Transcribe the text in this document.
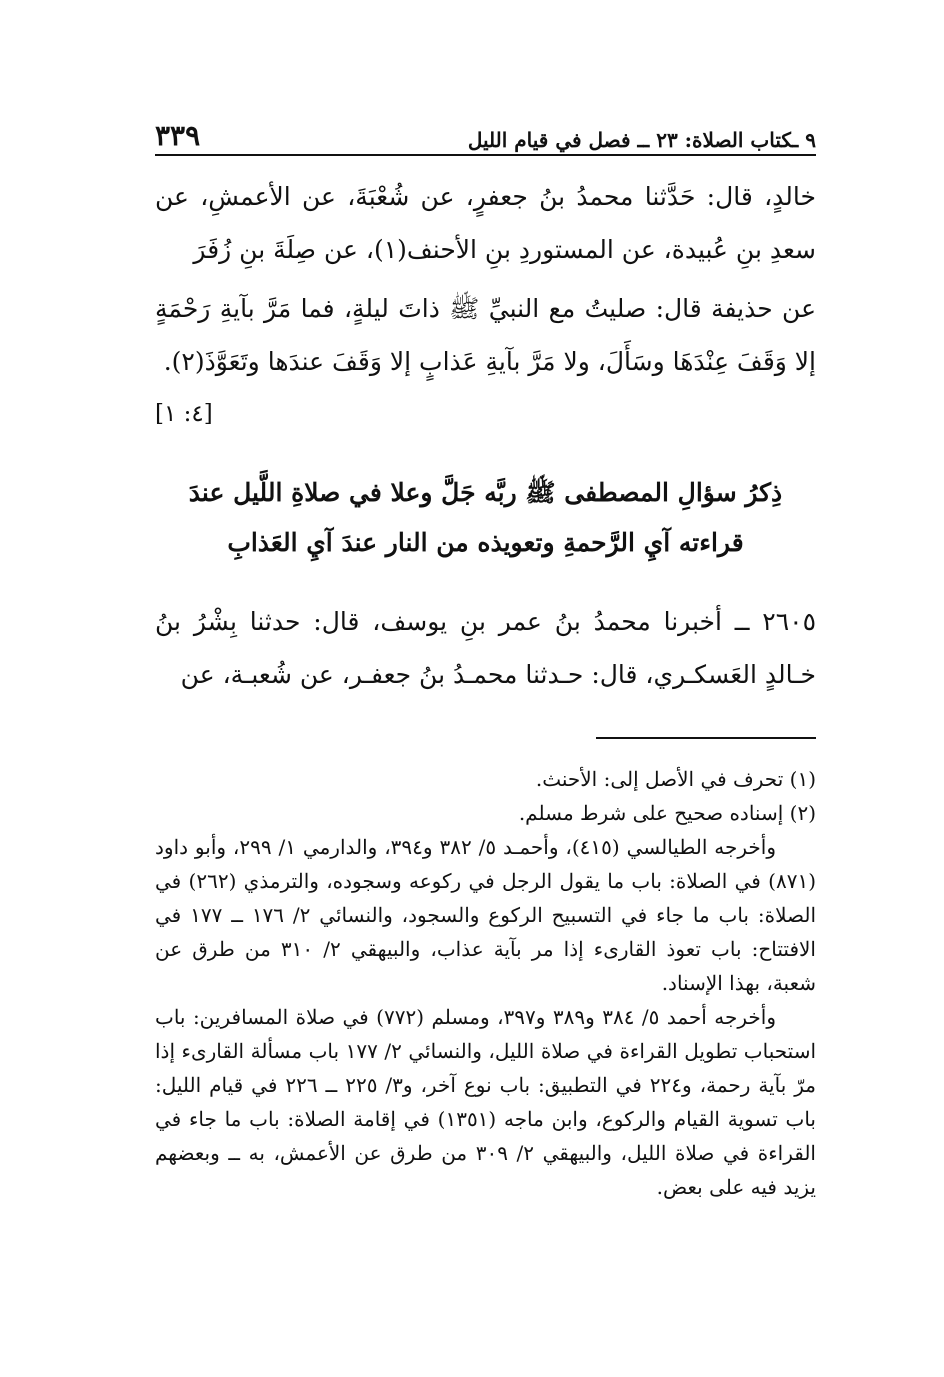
٩ ـكتاب الصلاة: ٢٣ ــ فصل في قيام الليل
٣٣٩
خالدٍ، قال: حَدَّثنا محمدُ بنُ جعفرٍ، عن شُعْبَةَ، عن الأعمشِ، عن سعدِ بنِ عُبيدة، عن المستوردِ بنِ الأحنف(١)، عن صِلَةَ بنِ زُفَرَ
عن حذيفة قال: صليتُ مع النبيِّ ﷺ ذاتَ ليلةٍ، فما مَرَّ بآيةِ رَحْمَةٍ إلا وَقَفَ عِنْدَهَا وسَأَلَ، ولا مَرَّ بآيةِ عَذابٍ إلا وَقَفَ عندَها وتَعَوَّذَ(٢).
[٤: ١]
ذِكرُ سؤالِ المصطفى ﷺ ربَّه جَلَّ وعلا في صلاةِ اللَّيل عندَ قراءته آيِ الرَّحمةِ وتعويذه من النار عندَ آيِ العَذابِ
٢٦٠٥ ــ أخبرنا محمدُ بنُ عمر بنِ يوسف، قال: حدثنا بِشْرُ بنُ خـالدٍ العَسكـري، قال: حـدثنا محمـدُ بنُ جعفـر، عن شُعبـة، عن
(١) تحرف في الأصل إلى: الأحنث.
(٢) إسناده صحيح على شرط مسلم.
وأخرجه الطيالسي (٤١٥)، وأحمـد ٥/ ٣٨٢ و٣٩٤، والدارمي ١/ ٢٩٩، وأبو داود (٨٧١) في الصلاة: باب ما يقول الرجل في ركوعه وسجوده، والترمذي (٢٦٢) في الصلاة: باب ما جاء في التسبيح الركوع والسجود، والنسائي ٢/ ١٧٦ ــ ١٧٧ في الافتتاح: باب تعوذ القارىء إذا مر بآية عذاب، والبيهقي ٢/ ٣١٠ من طرق عن شعبة، بهذا الإسناد.
وأخرجه أحمد ٥/ ٣٨٤ و٣٨٩ و٣٩٧، ومسلم (٧٧٢) في صلاة المسافرين: باب استحباب تطويل القراءة في صلاة الليل، والنسائي ٢/ ١٧٧ باب مسألة القارىء إذا مرّ بآية رحمة، و٢٢٤ في التطبيق: باب نوع آخر، و٣/ ٢٢٥ ــ ٢٢٦ في قيام الليل: باب تسوية القيام والركوع، وابن ماجه (١٣٥١) في إقامة الصلاة: باب ما جاء في القراءة في صلاة الليل، والبيهقي ٢/ ٣٠٩ من طرق عن الأعمش، به ــ وبعضهم يزيد فيه على بعض.
